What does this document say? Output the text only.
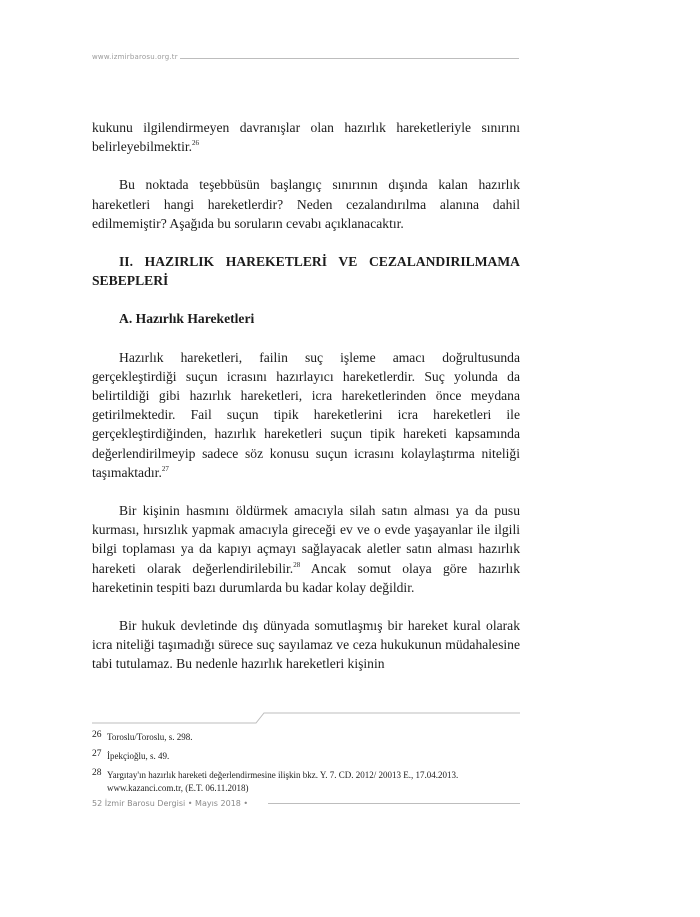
www.izmirbarosu.org.tr

kukunu ilgilendirmeyen davranışlar olan hazırlık hareketleriyle sınırını belirleyebilmektir.$^{26}$

Bu noktada teşebbüsün başlangıç sınırının dışında kalan hazırlık hareketleri hangi hareketlerdir? Neden cezalandırılma alanına dahil edilmemiştir? Aşağıda bu soruların cevabı açıklanacaktır.

II. HAZIRLIK HAREKETLERİ VE CEZALANDIRILMAMA SEBEPLERİ

A. Hazırlık Hareketleri

Hazırlık hareketleri, failin suç işleme amacı doğrultusunda gerçekleştirdiği suçun icrasını hazırlayıcı hareketlerdir. Suç yolunda da belirtildiği gibi hazırlık hareketleri, icra hareketlerinden önce meydana getirilmektedir. Fail suçun tipik hareketlerini icra hareketleri ile gerçekleştirdiğinden, hazırlık hareketleri suçun tipik hareketi kapsamında değerlendirilmeyip sadece söz konusu suçun icrasını kolaylaştırma niteliği taşımaktadır.$^{27}$

Bir kişinin hasmını öldürmek amacıyla silah satın alması ya da pusu kurması, hırsızlık yapmak amacıyla gireceği ev ve o evde yaşayanlar ile ilgili bilgi toplaması ya da kapıyı açmayı sağlayacak aletler satın alması hazırlık hareketi olarak değerlendirilebilir.$^{28}$ Ancak somut olaya göre hazırlık hareketinin tespiti bazı durumlarda bu kadar kolay değildir.

Bir hukuk devletinde dış dünyada somutlaşmış bir hareket kural olarak icra niteliği taşımadığı sürece suç sayılamaz ve ceza hukukunun müdahalesine tabi tutulamaz. Bu nedenle hazırlık hareketleri kişinin

26 Toroslu/Toroslu, s. 298.
27 İpekçioğlu, s. 49.
28 Yargıtay'ın hazırlık hareketi değerlendirmesine ilişkin bkz. Y. 7. CD. 2012/ 20013 E., 17.04.2013. www.kazanci.com.tr, (E.T. 06.11.2018)
52 İzmir Barosu Dergisi • Mayıs 2018 •
